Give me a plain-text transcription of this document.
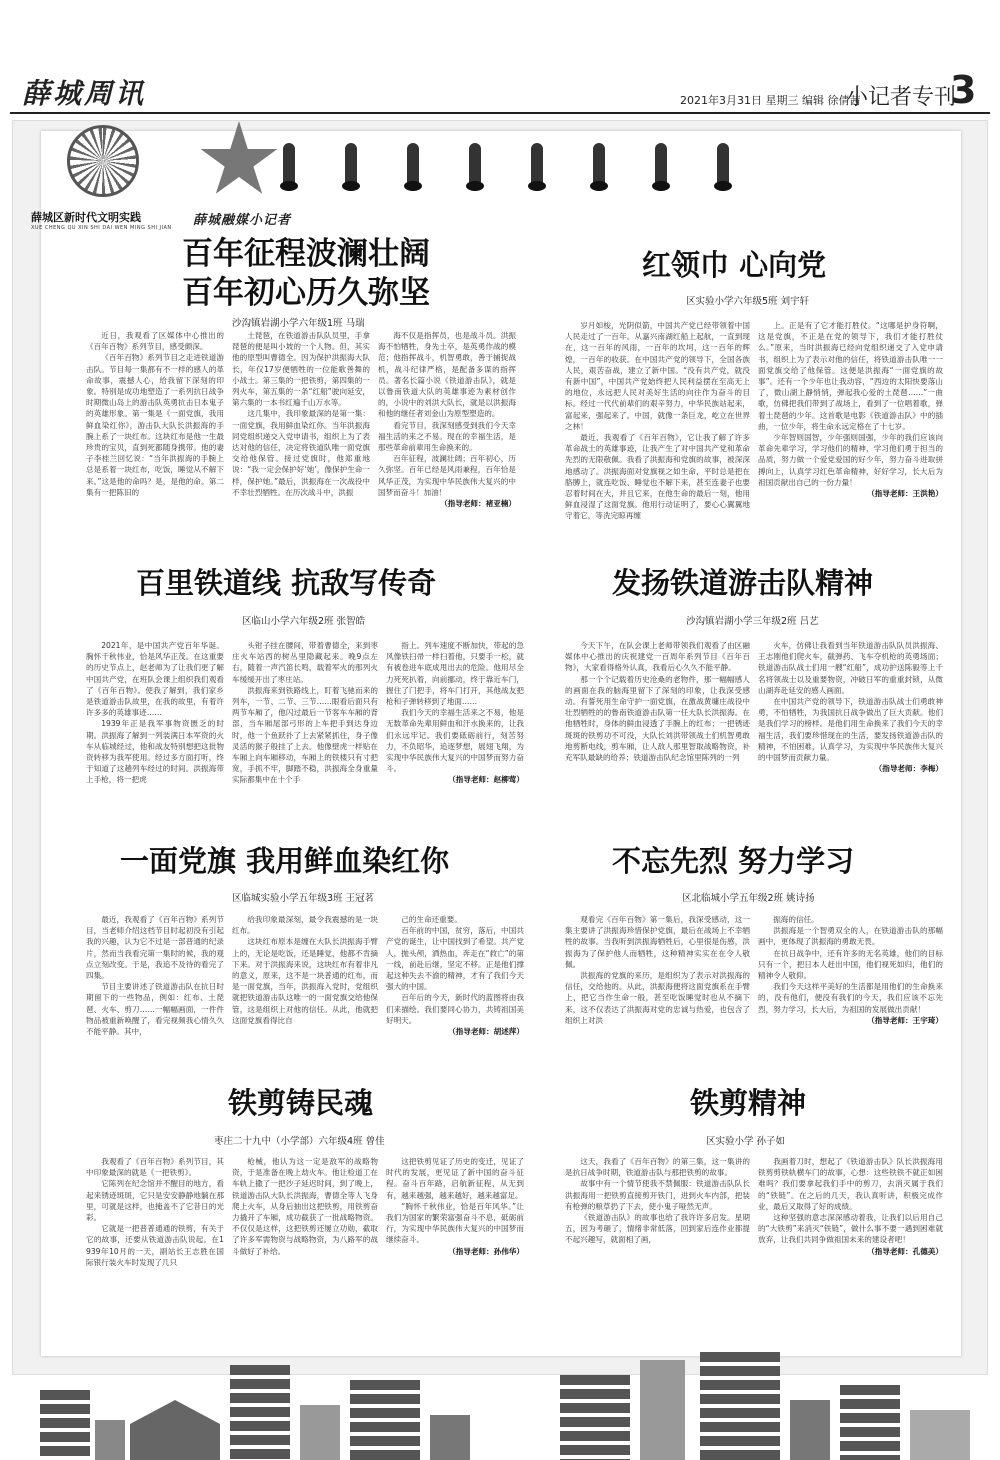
薛城周讯	2021年3月31日 星期三 编辑 徐倩茜
小记者专刊
3
薛城区新时代文明实践
XUE CHENG QU XIN SHI DAI WEN MING SHI JIAN 薛城融媒小记者
百年征程波澜壮阔
百年初心历久弥坚
沙沟镇岩湖小学六年级1班 马瑞

近日，我观看了区媒体中心推出的《百年百物》系列节目，感受颇深。

《百年百物》系列节目之走进铁道游击队。节目每一集都有不一样的感人的革命故事，震撼人心，给我留下深刻的印象。特别是成功地塑造了一系列抗日战争时期微山岛上的游击队英勇抗击日本鬼子的英雄形象。第一集是《一面党旗，我用鲜血染红你》，游击队大队长洪振海的手腕上系了一块红布。这块红布是他一生最珍贵的宝贝，直到死都随身携带。他的妻子李桂兰回忆说：“当年洪振海的手腕上总是系着一块红布，吃饭，睡觉从不解下来。”这是他的命吗？是，是他的命。第二集有一把陈旧的

土琵琶，在铁道游击队队员里，手拿琵琶的便是叫小坡的一个人物。但，其实他的原型叫曹德全。因为保护洪振海大队长，年仅17岁便牺牲的一位能歌善舞的小战士。第三集的一把铁剪，第四集的一列火车，第五集的一条“红船”驶向延安，第六集的一本书红遍千山万水等。

这几集中，我印象最深的是第一集：一面党旗，我用鲜血染红你。当年洪振海同党组织递交入党申请书，组织上为了表达对他的信任，决定将铁道队唯一面党旗交给他保管。接过党旗时，他郑重地说：“我一定会保护好‘她’，像保护生命一样，保护她。”最后，洪振海在一次战役中不幸壮烈牺牲。在历次战斗中，洪振

海不仅是指挥员，也是战斗员。洪振海不怕牺牲，身先士卒，是英勇作战的模范；他指挥战斗，机智勇敢，善于捕捉战机，战斗纪律严格，是配备多谋的指挥员。著名长篇小说《铁道游击队》，就是以鲁南铁道大队的英雄事迹为素材创作的，小说中的刘洪大队长，就是以洪振海和他的继任者刘金山为原型塑造的。

看完节目，我深刻感受到我们今天幸福生活的来之不易。现在的幸福生活，是那些革命前辈用生命换来的。

百年征程，波澜壮阔；百年初心，历久弥坚。百年已经是风雨兼程，百年恰是风华正茂，为实现中华民族伟大复兴的中国梦而奋斗！加油！

（指导老师：褚亚楠）

红领巾 心向党
区实验小学六年级5班 刘宇轩

岁月如梭，光阴似箭，中国共产党已经带领着中国人民走过了一百年。从嘉兴南湖红船上起航，一直到现在，这一百年的风雨，一百年的坎坷，这一百年的辉煌，一百年的收获。在中国共产党的领导下，全国各族人民，艰苦奋战，建立了新中国。“没有共产党，就没有新中国”，中国共产党始终把人民利益摆在至高无上的地位，永远把人民对美好生活的向往作为奋斗的目标。经过一代代前辈们的艰辛努力，中华民族站起来，富起来，强起来了。中国，就像一条巨龙，屹立在世界之林！

最近，我观看了《百年百物》，它让我了解了许多革命战士的英雄事迹，让我产生了对中国共产党和革命先烈的无限敬佩。我看了洪振海和党旗的故事，被深深地感动了。洪振海面对党旗视之如生命，平时总是把在胳膊上，就连吃饭、睡觉也不解下来，甚至连妻子也要忍着时间在大，并且它来，在他生命的最后一刻，他用鲜血浸湿了这面党旗。他用行动证明了，要心心翼翼地守着它，等洗完晾再缠

上。正是有了它才能打胜仗。“这哪是护身符啊，这是党旗，不正是在党的领导下，我们才能打胜仗么。”原来，当时洪振海已经向党组织递交了入党申请书，组织上为了表示对他的信任，将铁道游击队唯一一面党旗交给了他保管。这便是洪振海“一面党旗的故事”。还有一个少年也让我动容，“西边的太阳快要落山了，微山湖上静悄悄，弹起我心爱的土琵琶……”一曲歌，仿佛把我们带到了战场上，看到了一位唱着歌，弹着土琵琶的少年。这首歌是电影《铁道游击队》中的插曲，一位少年，将生命永远定格在了十七岁。

少年智则国智，少年强则国强，少年的我们应该向革命先辈学习，学习他们的精神，学习他们勇于担当的品质，努力做一个爱党爱国的好少年，努力奋斗进取拼搏向上，认真学习红色革命精神，好好学习，长大后为祖国贡献出自己的一份力量！

（指导老师：王洪艳）

百里铁道线 抗敌写传奇
区临山小学六年级2班 张智皓

2021年，是中国共产党百年华诞。胸怀千秋伟业，恰是风华正茂。在这重要的历史节点上，赵老师为了让我们更了解中国共产党，在班队会课上组织我们观看了《百年百物》。使我了解到，我们家乡是铁道游击队故里，在我的故里，有着许许多多的英雄事迹……

1939年正是我军事物资匮乏的时期。洪振海了解到一列装满日本军资的火车从临城经过，他和战友特别想把这批物资转移为我军使用。经过多方面打听，终于知道了这趟列车经过的时间。洪振海带上手枪，将一把虎

头钳子挂在腰间，带着曹德全，来到枣庄火车站西的树丛里隐藏起来。晚9点左右，随着一声汽笛长鸣，载着军火的那列火车缓缓开出了枣庄站。

洪振海来到铁路线上，盯着飞驰而来的列车，一节、二节、三节……眼看后面只有两节车厢了，他闪过最后一节客车车厢的背部，当车厢尾部弓形的上车把手到达身边时，他一个鱼跃扑了上去紧紧抓住，身子像灵活的猴子般挂了上去。他像壁虎一样贴在车厢上向车厢移动，车厢上的铁楼只有寸把宽，手抓不牢，脚踏不稳，洪振海全身重量实际都集中在十个手

指上。列车速度不断加快，带起的急风像铁扫帚一样扫着他，只要手一松，就有被卷进车底成甩出去的危险。他用尽全力死死扒着，向前挪动，终于靠近车门，握住了门把手，将车门打开，其他战友把枪和子弹转移到了地面……

我们今天的幸福生活来之不易，他是无数革命先辈用鲜血和汗水换来的，让我们永远牢记。我们要砥砺前行，刻苦努力，不负昭华，追逐梦想，展翅飞翔，为实现中华民族伟大复兴的中国梦而努力奋斗。

（指导老师：赵柳莺）

发扬铁道游击队精神
沙沟镇岩湖小学三年级2班 吕艺

今天下午，在队会课上老师带领我们观看了由区融媒体中心推出的庆祝建党一百周年系列节目《百年百物》，大家看得格外认真，我看后心久久不能平静。

那一个个记载着历史沧桑的老物件，那一幅幅感人的画面在我的脑海里留下了深刻的印象，让我深受感动。有誓死用生命守护一面党旗，在激战黄墉庄战役中壮烈牺牲的的鲁南铁道游击队第一任大队长洪振海。在他牺牲时，身体的鲜血浸透了手腕上的红布；一把锈迹斑斑的铁剪功不可没，大队长刘洪带领战士们机智勇敢地剪断电线，剪车厢，让人敌人那里智取战略物资，补充军队最缺的给养；铁道游击队纪念馆里陈列的一列

火车，仿佛让我看到当年铁道游击队队员洪振海、王志刚他们爬火车，截弹药、飞车夺机枪的英勇场面；铁道游击队战士们用一艘“红船”，成功护送陈毅等上千名将领战士以及重要物资，冲破日军的重重封锁，从微山湖奔赴延安的感人画面。

在中国共产党的领导下，铁道游击队战士们勇敢神勇，不怕牺牲，为我国抗日战争做出了巨大贡献。他们是我们学习的榜样。是他们用生命换来了我们今天的幸福生活，我们要珍惜现在的生活，要发扬铁道游击队的精神，不怕困难，认真学习，为实现中华民族伟大复兴的中国梦而贡献力量。

（指导老师：李梅）

一面党旗 我用鲜血染红你
区临城实验小学五年级3班 王冠茗

最近，我观看了《百年百物》系列节目，当老师介绍这档节目时起初没有引起我的兴趣，认为它不过是一部普通的纪录片，然而当我看完第一集时的候，我的观点立刻改变。于是，我追不及待的看完了四集。

节目主要讲述了铁道游击队在抗日时期留下的一些物品，例如：红布、土琵琶、火车、剪刀……一幅幅画面，一件件物品被重新唤醒了，看完视频我心情久久不能平静。其中，

给我印象最深刻，最令我震撼的是一块红布。

这块红布原本是缠在大队长洪振海手臂上的，无论是吃饭，还是睡觉，他都不肯摘下来。对于洪振海来说，这块红布有着非凡的意义，原来，这不是一块普通的红布，而是一面党旗，当年，洪振海入党时，党组织就把铁道游击队这唯一的一面党旗交给他保管，这是组织上对他的信任。从此，他就把这面党旗看得比自

己的生命还重要。

百年前的中国，贫穷，落后，中国共产党的诞生，让中国找到了希望。共产党人，抛头颅，洒热血，奔走在“救亡”的第一线，前赴后继，坚定不移。正是他们撑起这种失去不渝的精神，才有了我们今天强大的中国。

百年后的今天，新时代的蓝图将由我们来描绘。我们要同心协力，共铸祖国美好明天。

（指导老师：胡述萍）

不忘先烈 努力学习
区北临城小学五年级2班 姚诗扬

观看完《百年百物》第一集后，我深受感动，这一集主要讲了洪振海珍惜保护党旗，最后在战场上不幸牺牲的故事。当我听到洪振海牺牲后，心里很是伤感，洪振海为了保护他人而牺牲，这种精神实实在在令人敬佩。

洪振海的党旗的来历，是组织为了表示对洪振海的信任，交给他的。从此，洪振海便将这面党旗系在手臂上，把它当作生命一般，甚至吃饭睡觉时也从不摘下来，这不仅表达了洪振海对党的忠诚与热爱，也包含了组织上对洪

振海的信任。

洪振海是一个智勇双全的人，在铁道游击队的那幅画中，更体现了洪振海的勇敢无畏。

在抗日战争中，还有许多的无名英雄，他们的目标只有一个，把日本人赶出中国，他们视死如归，他们的精神令人敬仰。

我们今天这样平美好的生活都是用他们的生命换来的，没有他们，便没有我们的今天，我们应该不忘先烈，努力学习，长大后，为祖国的发展做出贡献！

（指导老师：王宇琦）

铁剪铸民魂
枣庄二十九中（小学部）六年级4班 曾佳

我观看了《百年百物》系列节目，其中印象最深的就是《一把铁剪》。

它陈列在纪念馆并不醒目的地方，看起来锈迹斑斑，它只是安安静静地躺在那里，可就是这样，也掩盖不了它昔日的光彩。

它就是一把普普通通的铁剪，有关于它的故事，还要从铁道游击队说起。在1939年10月的一天，副站长王志胜在国际银行装火车时发现了几只

枪械，他认为这一定是敌军的战略物资，于是准备在晚上劫火车。他让检道工在车轨上撒了一把沙子延迟时间，到了晚上，铁道游击队大队长洪振海，曹德全等人飞身爬上火车，从身后抽出这把铁剪，用铁剪奋力撬开了车厢，成功截获了一批战略物资。不仅仅是这样，这把铁剪还屡立功勋，截取了许多军需物资与战略物资，为八路军的战斗做好了补给。

这把铁剪见证了历史的变迁，见证了时代的发展，更见证了新中国的奋斗征程。奋斗百年路，启航新征程，从无到有，越来越强，越来越好，越来越富足。

“胸怀千秋伟业，恰是百年风华。”让我们为国家的繁荣富强奋斗不息，砥砺前行，为实现中华民族伟大复兴的中国梦而继续奋斗。

（指导老师：孙伟华）

铁剪精神
区实验小学 孙子如

这天，我看了《百年百物》的第三集，这一集讲的是抗日战争时期，铁道游击队与那把铁剪的故事。

故事中有一个情节使我不禁佩服：铁道游击队队长洪振海用一把铁剪直接剪开铁门，进到火车内部，把装有枪弹的粮草扔了下去，使小鬼子哑然无声。

《铁道游击队》的故事也给了我许许多启发。星期五，因为考砸了，情绪非常低落，回到家后连作业都提不起兴趣写，就面相了画，

我画着刀时，想起了《铁道游击队》队长洪振海用铁剪剪铁轨横车门的故事，心想：这些铁铁不就正如困难吗？我们要拿起我们手中的剪刀，去消灭属于我们的“铁链”。在之后的几天，我认真听讲，积极完成作业，最后又取得了好的成绩。

这种坚强的意志深深感动着我，让我们以后用自己的“大铁剪”来消灭“铁链”，做什么事不要一遇到困难就放弃，让我们共同争做祖国未来的建设者吧！

（指导老师：孔德美）
